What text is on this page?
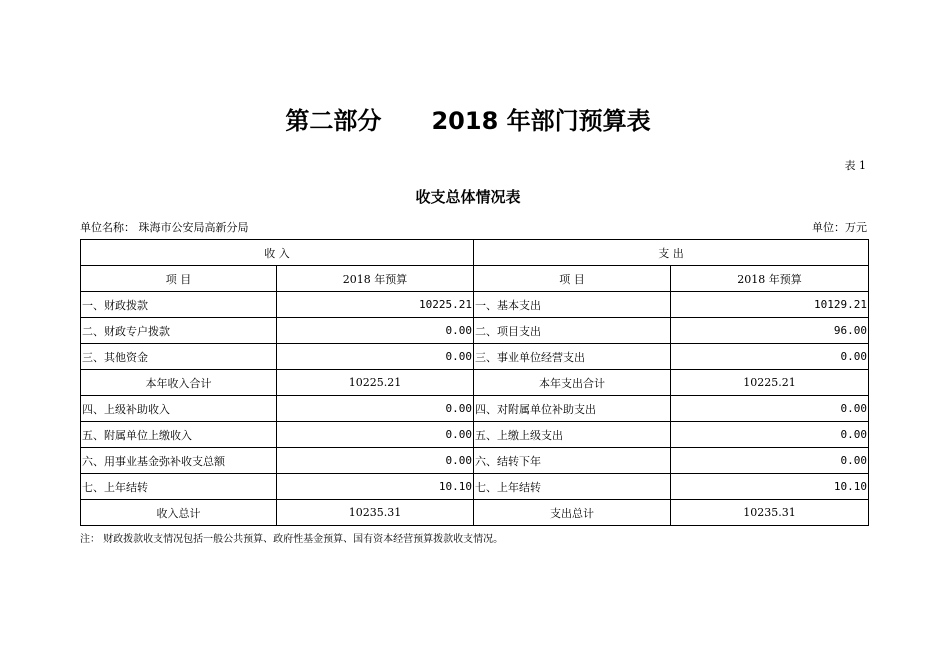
第二部分      2018 年部门预算表
表 1
收支总体情况表
单位名称： 珠海市公安局高新分局	单位：万元
收 入		支 出	
项 目	2018 年预算	项 目	2018 年预算
一、财政拨款	10225.21	一、基本支出	10129.21
二、财政专户拨款	0.00	二、项目支出	96.00
三、其他资金	0.00	三、事业单位经营支出	0.00
本年收入合计	10225.21	本年支出合计	10225.21
四、上级补助收入	0.00	四、对附属单位补助支出	0.00
五、附属单位上缴收入	0.00	五、上缴上级支出	0.00
六、用事业基金弥补收支总额	0.00	六、结转下年	0.00
七、上年结转	10.10	七、上年结转	10.10
收入总计	10235.31	支出总计	10235.31
注： 财政拨款收支情况包括一般公共预算、政府性基金预算、国有资本经营预算拨款收支情况。
